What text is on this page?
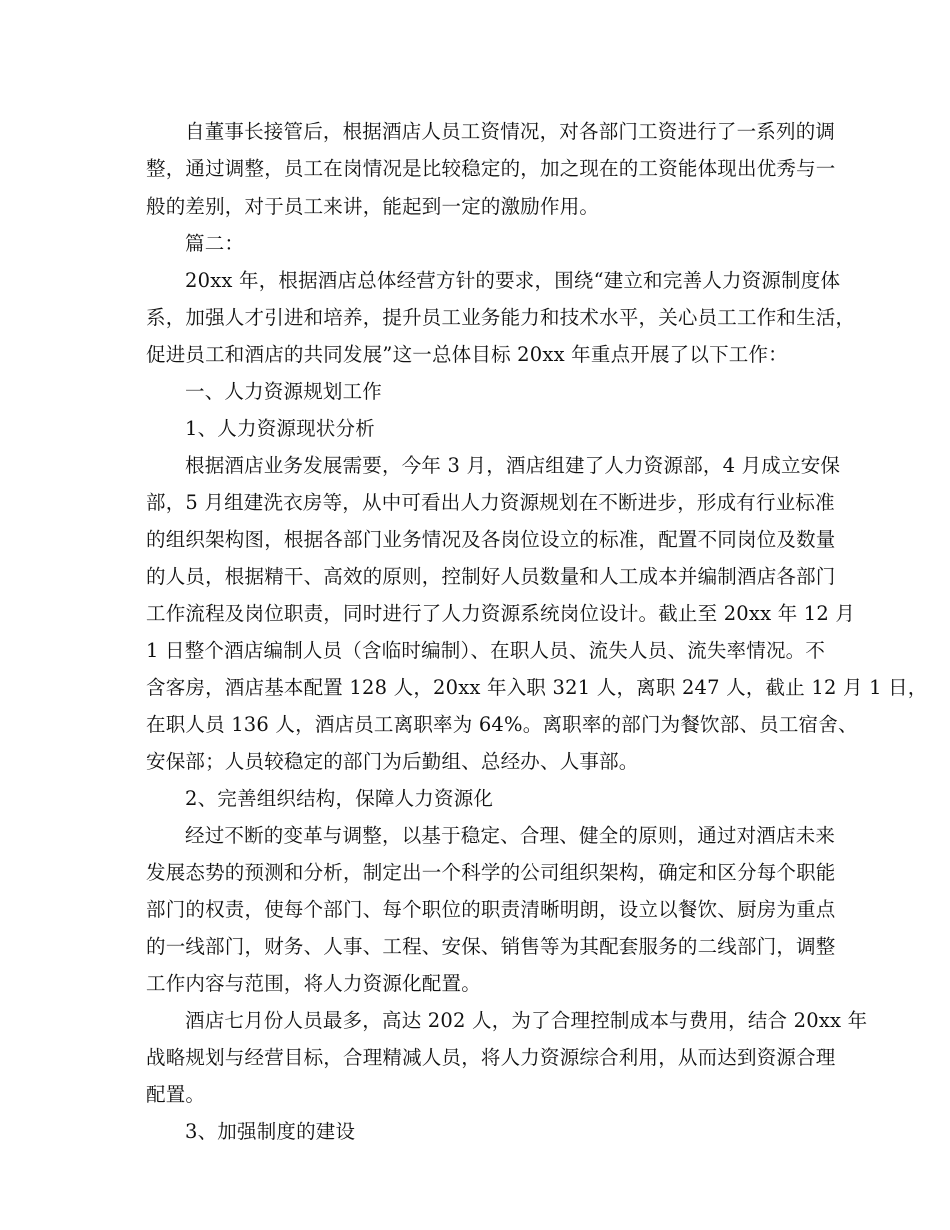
自董事长接管后，根据酒店人员工资情况，对各部门工资进行了一系列的调
整，通过调整，员工在岗情况是比较稳定的，加之现在的工资能体现出优秀与一
般的差别，对于员工来讲，能起到一定的激励作用。
篇二：
20xx 年，根据酒店总体经营方针的要求，围绕“建立和完善人力资源制度体
系，加强人才引进和培养，提升员工业务能力和技术水平，关心员工工作和生活，
促进员工和酒店的共同发展”这一总体目标 20xx 年重点开展了以下工作：
一、人力资源规划工作
1、人力资源现状分析
根据酒店业务发展需要，今年 3 月，酒店组建了人力资源部，4 月成立安保
部，5 月组建洗衣房等，从中可看出人力资源规划在不断进步，形成有行业标准
的组织架构图，根据各部门业务情况及各岗位设立的标准，配置不同岗位及数量
的人员，根据精干、高效的原则，控制好人员数量和人工成本并编制酒店各部门
工作流程及岗位职责，同时进行了人力资源系统岗位设计。截止至 20xx 年 12 月
1 日整个酒店编制人员（含临时编制）、在职人员、流失人员、流失率情况。不
含客房，酒店基本配置 128 人，20xx 年入职 321 人，离职 247 人，截止 12 月 1 日，
在职人员 136 人，酒店员工离职率为 64%。离职率的部门为餐饮部、员工宿舍、
安保部；人员较稳定的部门为后勤组、总经办、人事部。
2、完善组织结构，保障人力资源化
经过不断的变革与调整，以基于稳定、合理、健全的原则，通过对酒店未来
发展态势的预测和分析，制定出一个科学的公司组织架构，确定和区分每个职能
部门的权责，使每个部门、每个职位的职责清晰明朗，设立以餐饮、厨房为重点
的一线部门，财务、人事、工程、安保、销售等为其配套服务的二线部门，调整
工作内容与范围，将人力资源化配置。
酒店七月份人员最多，高达 202 人，为了合理控制成本与费用，结合 20xx 年
战略规划与经营目标，合理精减人员，将人力资源综合利用，从而达到资源合理
配置。
3、加强制度的建设
